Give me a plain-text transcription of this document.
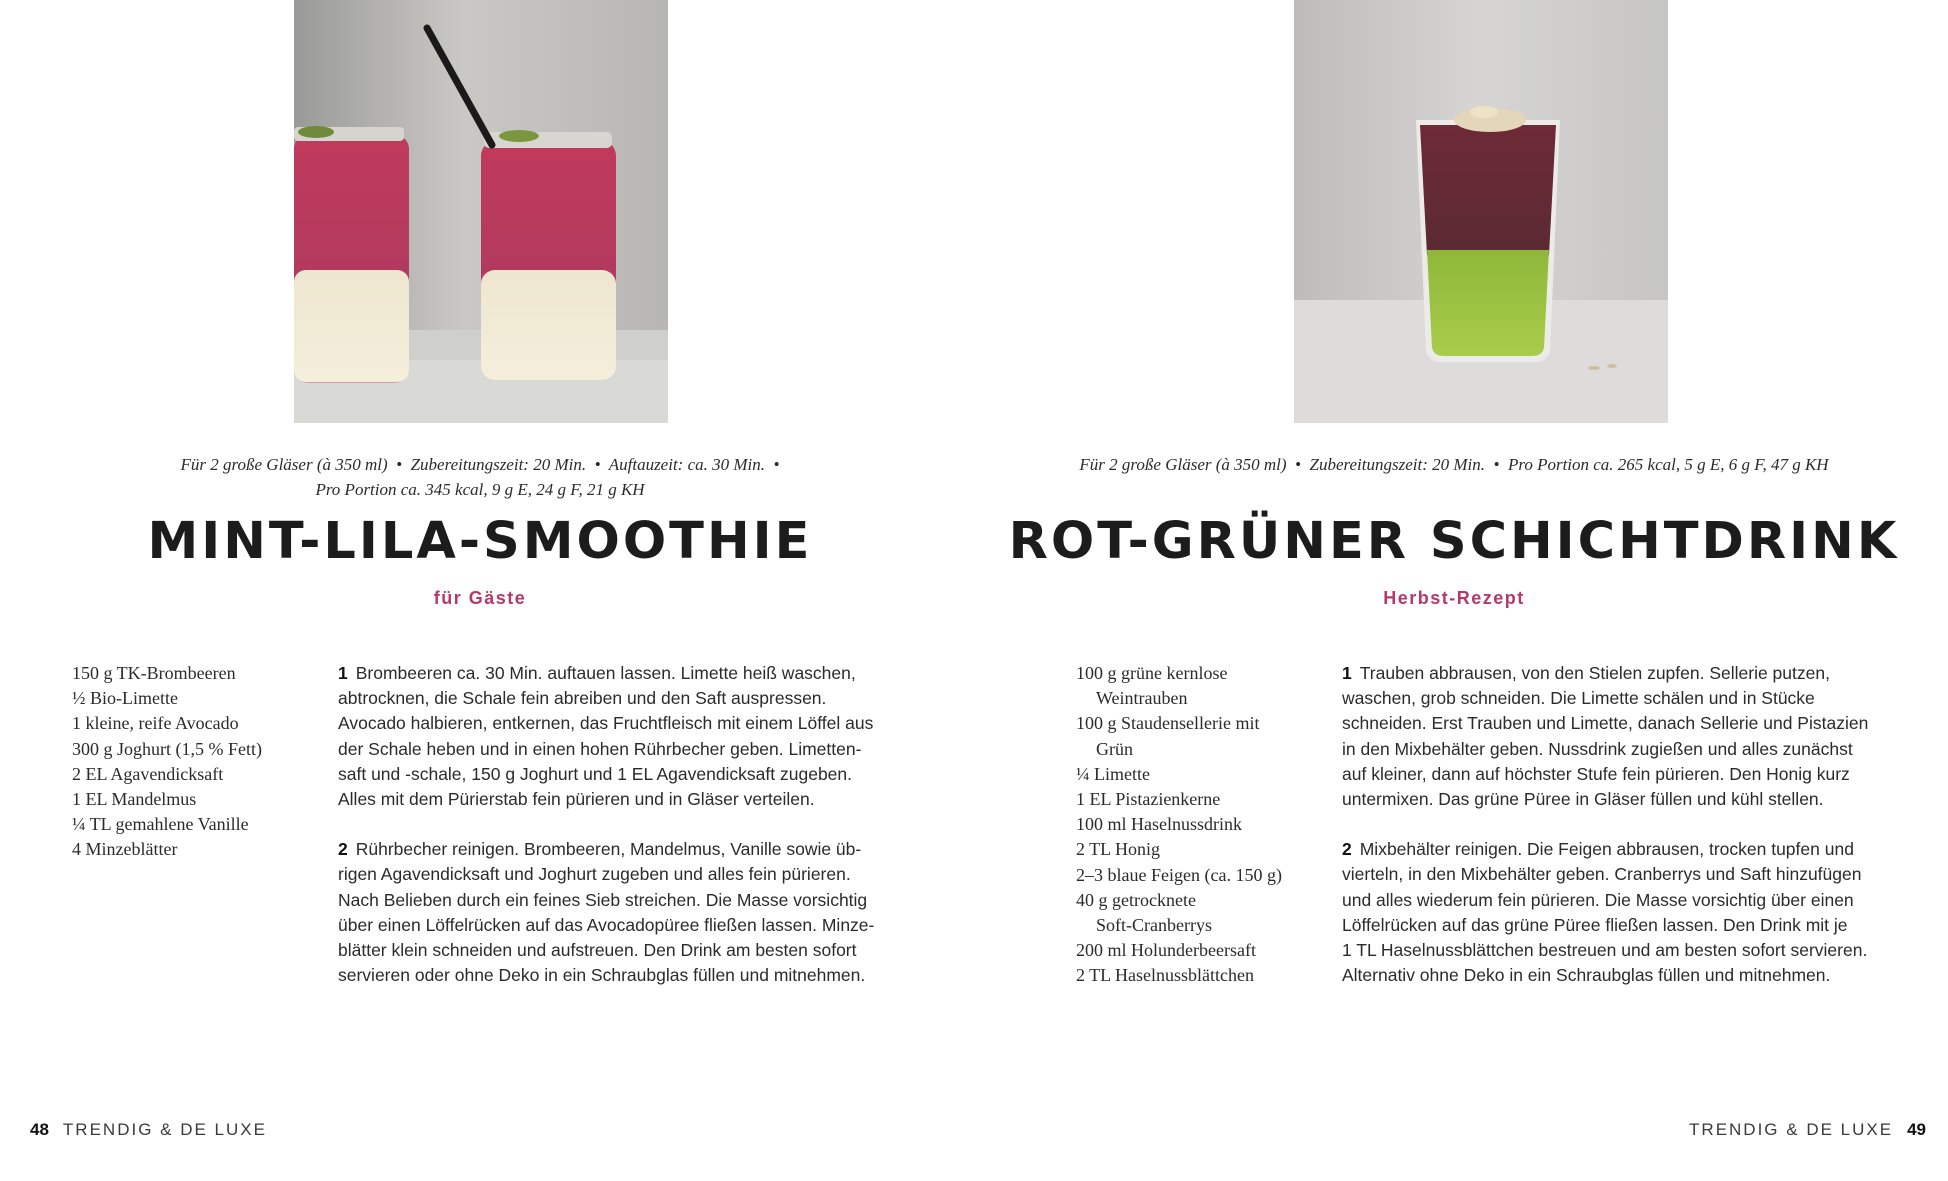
Für 2 große Gläser (à 350 ml)  •  Zubereitungszeit: 20 Min.  •  Auftauzeit: ca. 30 Min.  •
Pro Portion ca. 345 kcal, 9 g E, 24 g F, 21 g KH
MINT-LILA-SMOOTHIE
für Gäste
150 g TK-Brombeeren
½ Bio-Limette
1 kleine, reife Avocado
300 g Joghurt (1,5 % Fett)
2 EL Agavendicksaft
1 EL Mandelmus
¼ TL gemahlene Vanille
4 Minzeblätter

1 Brombeeren ca. 30 Min. auftauen lassen. Limette heiß waschen,
abtrocknen, die Schale fein abreiben und den Saft auspressen.
Avocado halbieren, entkernen, das Fruchtfleisch mit einem Löffel aus
der Schale heben und in einen hohen Rührbecher geben. Limetten-
saft und -schale, 150 g Joghurt und 1 EL Agavendicksaft zugeben.
Alles mit dem Pürierstab fein pürieren und in Gläser verteilen.

2 Rührbecher reinigen. Brombeeren, Mandelmus, Vanille sowie üb-
rigen Agavendicksaft und Joghurt zugeben und alles fein pürieren.
Nach Belieben durch ein feines Sieb streichen. Die Masse vorsichtig
über einen Löffelrücken auf das Avocadopüree fließen lassen. Minze-
blätter klein schneiden und aufstreuen. Den Drink am besten sofort
servieren oder ohne Deko in ein Schraubglas füllen und mitnehmen.

48 TRENDIG & DE LUXE
Für 2 große Gläser (à 350 ml)  •  Zubereitungszeit: 20 Min.  •  Pro Portion ca. 265 kcal, 5 g E, 6 g F, 47 g KH
ROT-GRÜNER SCHICHTDRINK
Herbst-Rezept
100 g grüne kernlose
Weintrauben
100 g Staudensellerie mit
Grün
¼ Limette
1 EL Pistazienkerne
100 ml Haselnussdrink
2 TL Honig
2–3 blaue Feigen (ca. 150 g)
40 g getrocknete
Soft-Cranberrys
200 ml Holunderbeersaft
2 TL Haselnussblättchen

1 Trauben abbrausen, von den Stielen zupfen. Sellerie putzen,
waschen, grob schneiden. Die Limette schälen und in Stücke
schneiden. Erst Trauben und Limette, danach Sellerie und Pistazien
in den Mixbehälter geben. Nussdrink zugießen und alles zunächst
auf kleiner, dann auf höchster Stufe fein pürieren. Den Honig kurz
untermixen. Das grüne Püree in Gläser füllen und kühl stellen.

2 Mixbehälter reinigen. Die Feigen abbrausen, trocken tupfen und
vierteln, in den Mixbehälter geben. Cranberrys und Saft hinzufügen
und alles wiederum fein pürieren. Die Masse vorsichtig über einen
Löffelrücken auf das grüne Püree fließen lassen. Den Drink mit je
1 TL Haselnussblättchen bestreuen und am besten sofort servieren.
Alternativ ohne Deko in ein Schraubglas füllen und mitnehmen.

TRENDIG & DE LUXE 49
